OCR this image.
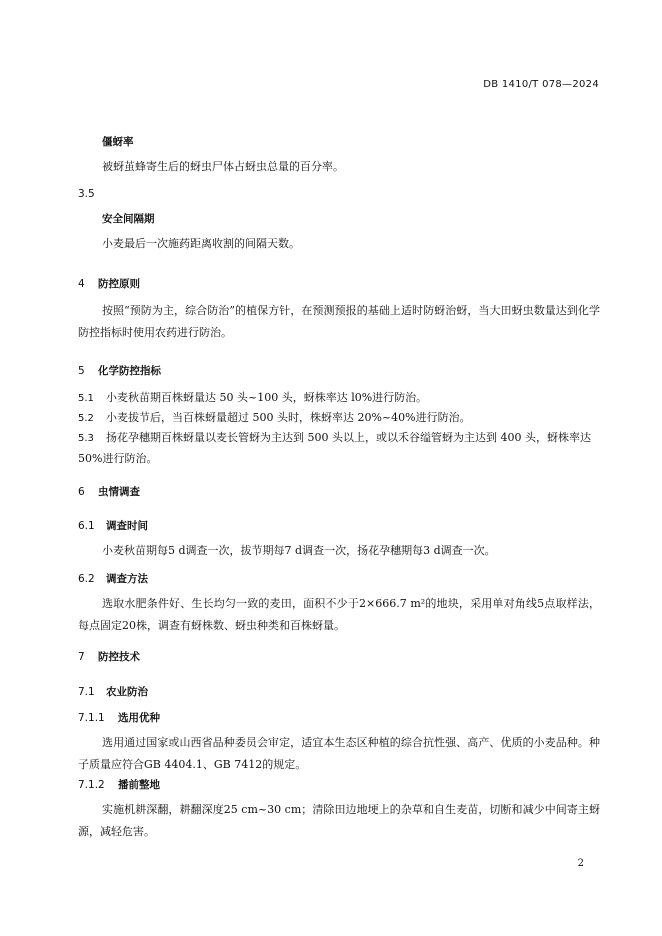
DB 1410/T 078—2024
僵蚜率
被蚜茧蜂寄生后的蚜虫尸体占蚜虫总量的百分率。
3.5
安全间隔期
小麦最后一次施药距离收割的间隔天数。
4 防控原则
按照“预防为主，综合防治”的植保方针，在预测预报的基础上适时防蚜治蚜，当大田蚜虫数量达到化学防控指标时使用农药进行防治。
5 化学防控指标
5.1 小麦秋苗期百株蚜量达 50 头~100 头，蚜株率达 l0%进行防治。
5.2 小麦拔节后，当百株蚜量超过 500 头时，株蚜率达 20%~40%进行防治。
5.3 扬花孕穗期百株蚜量以麦长管蚜为主达到 500 头以上，或以禾谷缢管蚜为主达到 400 头，蚜株率达 50%进行防治。
6 虫情调查
6.1 调查时间
小麦秋苗期每5 d调查一次，拔节期每7 d调查一次，扬花孕穗期每3 d调查一次。
6.2 调查方法
选取水肥条件好、生长均匀一致的麦田，面积不少于2×666.7 m²的地块，采用单对角线5点取样法，每点固定20株，调查有蚜株数、蚜虫种类和百株蚜量。
7 防控技术
7.1 农业防治
7.1.1 选用优种
选用通过国家或山西省品种委员会审定，适宜本生态区种植的综合抗性强、高产、优质的小麦品种。种子质量应符合GB 4404.1、GB 7412的规定。
7.1.2 播前整地
实施机耕深翻，耕翻深度25 cm~30 cm；清除田边地埂上的杂草和自生麦苗，切断和减少中间寄主蚜源，减轻危害。
2
